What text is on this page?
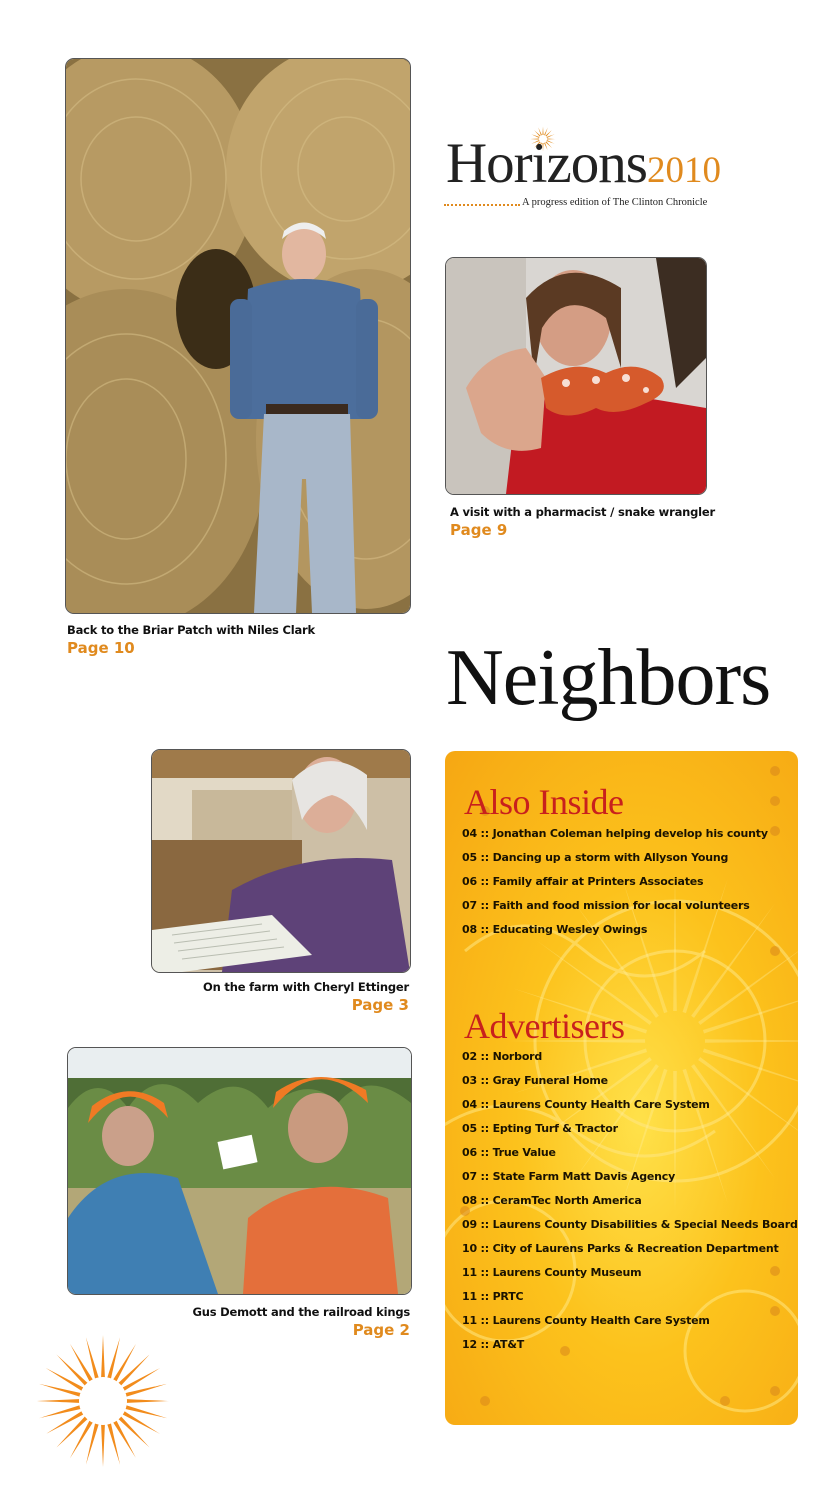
Back to the Briar Patch with Niles Clark
Page 10
Horizons2010
A progress edition of The Clinton Chronicle
A visit with a pharmacist / snake wrangler
Page 9
Neighbors
On the farm with Cheryl Ettinger
Page 3
Gus Demott and the railroad kings
Page 2
Also Inside
04 :: Jonathan Coleman helping develop his county
05 :: Dancing up a storm with Allyson Young
06 :: Family affair at Printers Associates
07 :: Faith and food mission for local volunteers
08 :: Educating Wesley Owings
Advertisers
02 :: Norbord
03 :: Gray Funeral Home
04 :: Laurens County Health Care System
05 :: Epting Turf & Tractor
06 :: True Value
07 :: State Farm Matt Davis Agency
08 :: CeramTec North America
09 :: Laurens County Disabilities & Special Needs Board
10 :: City of Laurens Parks & Recreation Department
11 :: Laurens County Museum
11 :: PRTC
11 :: Laurens County Health Care System
12 :: AT&T
